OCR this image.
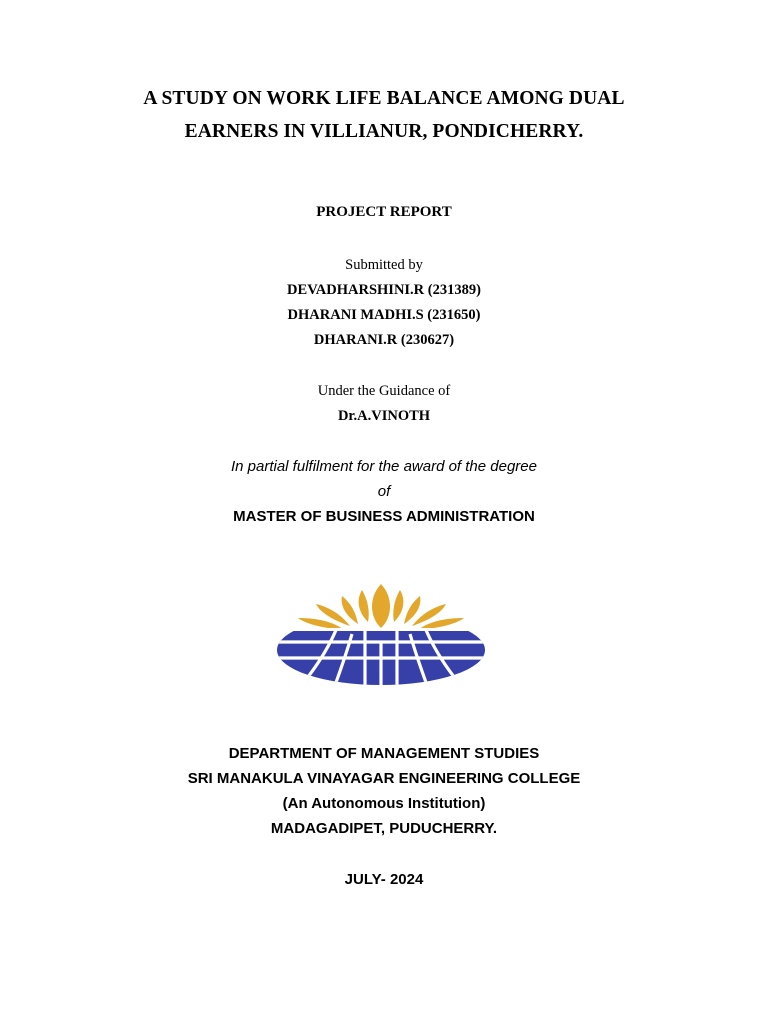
A STUDY ON WORK LIFE BALANCE AMONG DUAL
EARNERS IN VILLIANUR, PONDICHERRY.
PROJECT REPORT
Submitted by
DEVADHARSHINI.R (231389)
DHARANI MADHI.S (231650)
DHARANI.R (230627)
Under the Guidance of
Dr.A.VINOTH
In partial fulfilment for the award of the degree
of
MASTER OF BUSINESS ADMINISTRATION
DEPARTMENT OF MANAGEMENT STUDIES
SRI MANAKULA VINAYAGAR ENGINEERING COLLEGE
(An Autonomous Institution)
MADAGADIPET, PUDUCHERRY.
JULY- 2024
